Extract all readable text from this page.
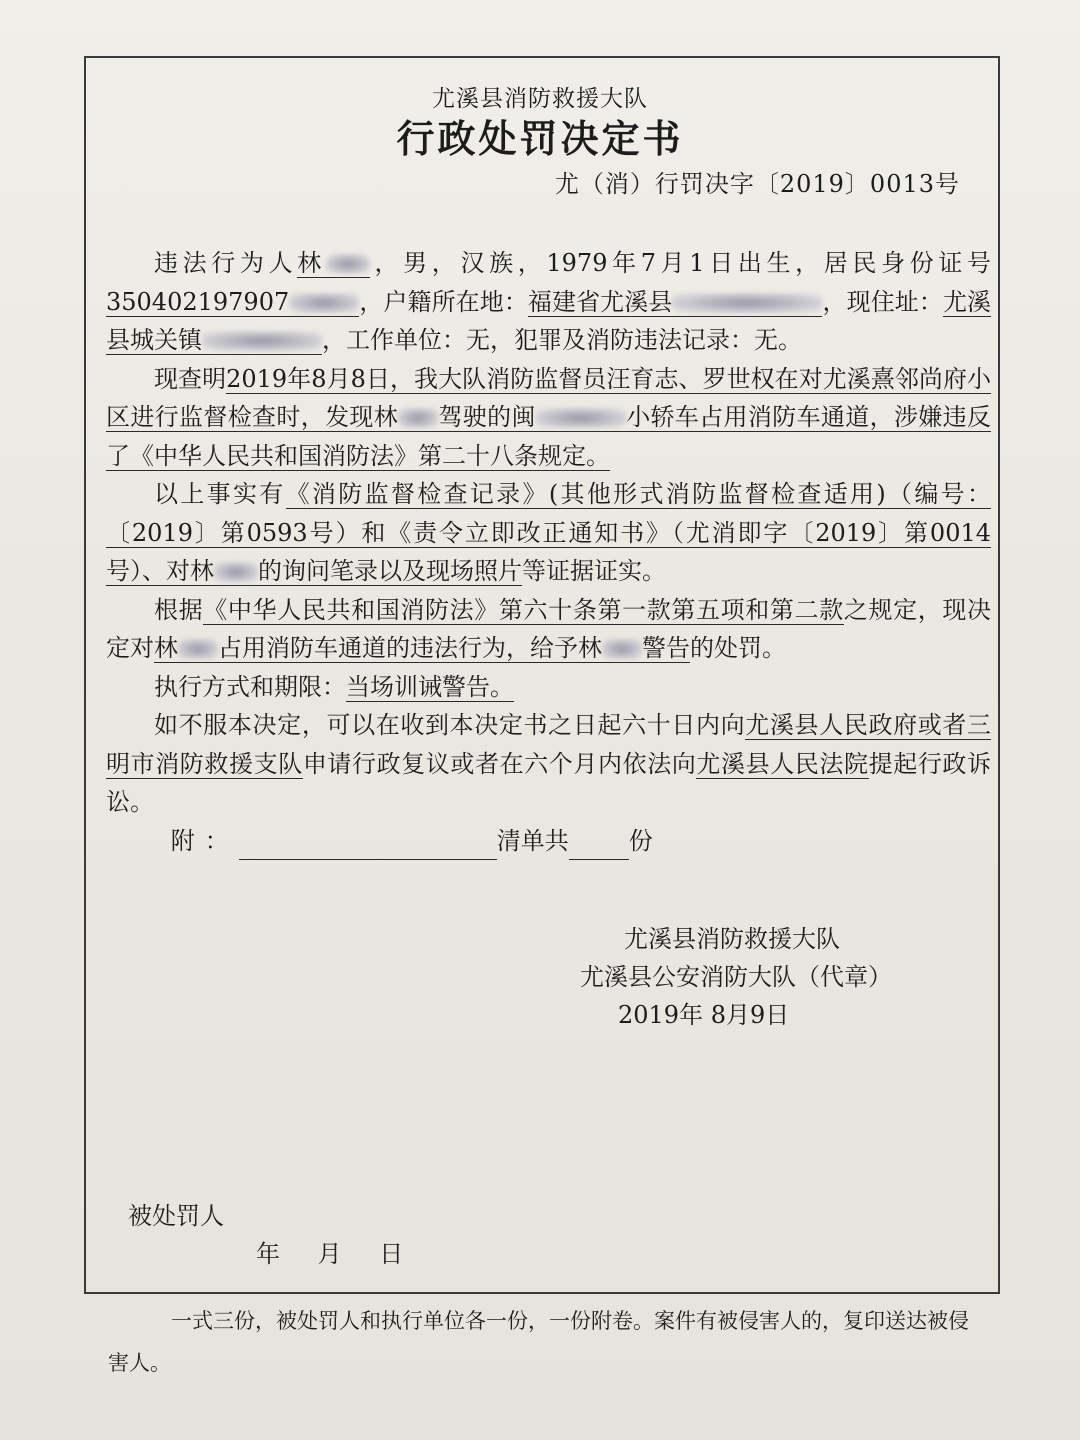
尤溪县消防救援大队
行政处罚决定书
尤（消）行罚决字〔2019〕0013号

违法行为人林 ，男，汉族，1979年7月1日出生，居民身份证号350402197907	，户籍所在地：福建省尤溪县	，现住址：尤溪县城关镇	，工作单位：无，犯罪及消防违法记录：无。

现查明2019年8月8日，我大队消防监督员汪育志、罗世权在对尤溪熹邻尚府小区进行监督检查时，发现林 驾驶的闽	小轿车占用消防车通道，涉嫌违反了《中华人民共和国消防法》第二十八条规定。

以上事实有《消防监督检查记录》(其他形式消防监督检查适用)（编号：〔2019〕第0593号）和《责令立即改正通知书》（尤消即字〔2019〕第0014号）、对林 的询问笔录以及现场照片等证据证实。

根据《中华人民共和国消防法》第六十条第一款第五项和第二款之规定，现决定对林 占用消防车通道的违法行为，给予林 警告的处罚。

执行方式和期限：当场训诫警告。

如不服本决定，可以在收到本决定书之日起六十日内向尤溪县人民政府或者三明市消防救援支队申请行政复议或者在六个月内依法向尤溪县人民法院提起行政诉讼。

附：	清单共	份

尤溪县消防救援大队
尤溪县公安消防大队（代章）
2019年 8月9日
被处罚人
年 月 日

一式三份，被处罚人和执行单位各一份，一份附卷。案件有被侵害人的，复印送达被侵害人。
